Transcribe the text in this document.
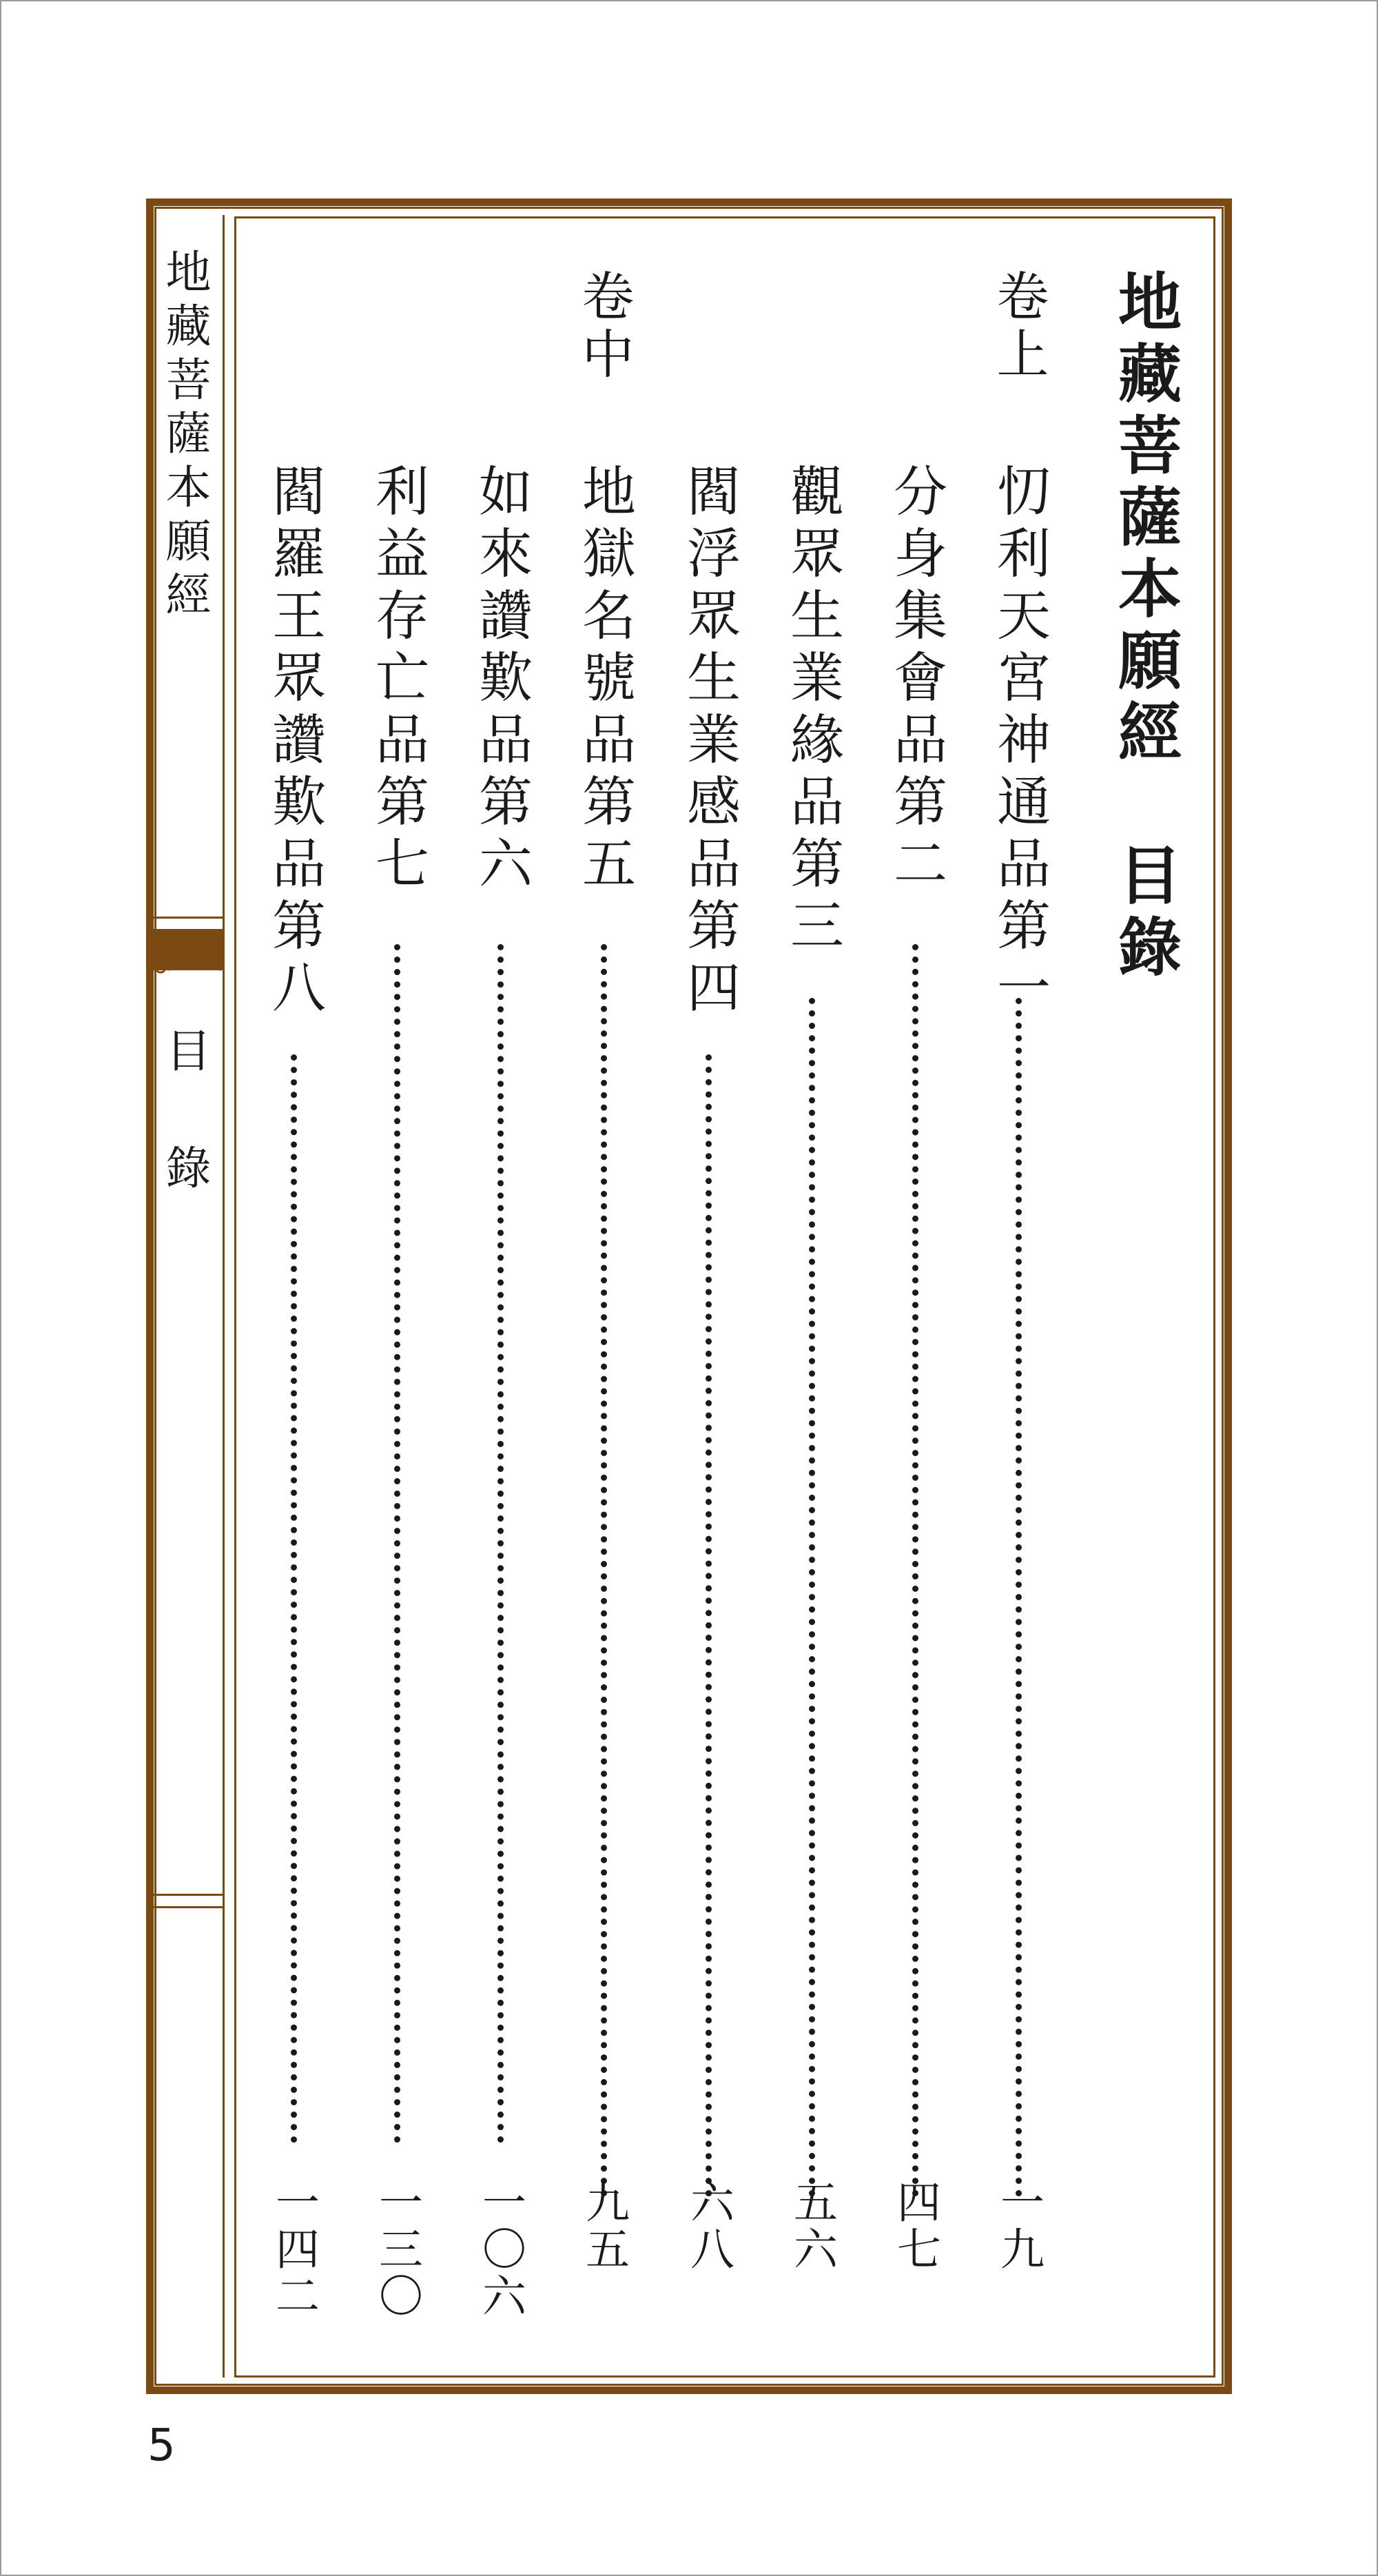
地藏菩薩本願經
目錄
地藏菩薩本願經　目錄
卷上
卷中
忉利天宮神通品第一
一九
分身集會品第二
四七
觀眾生業緣品第三
五六
閻浮眾生業感品第四
六八
地獄名號品第五
九五
如來讚歎品第六
一〇六
利益存亡品第七
一三〇
閻羅王眾讚歎品第八
一四二
5
